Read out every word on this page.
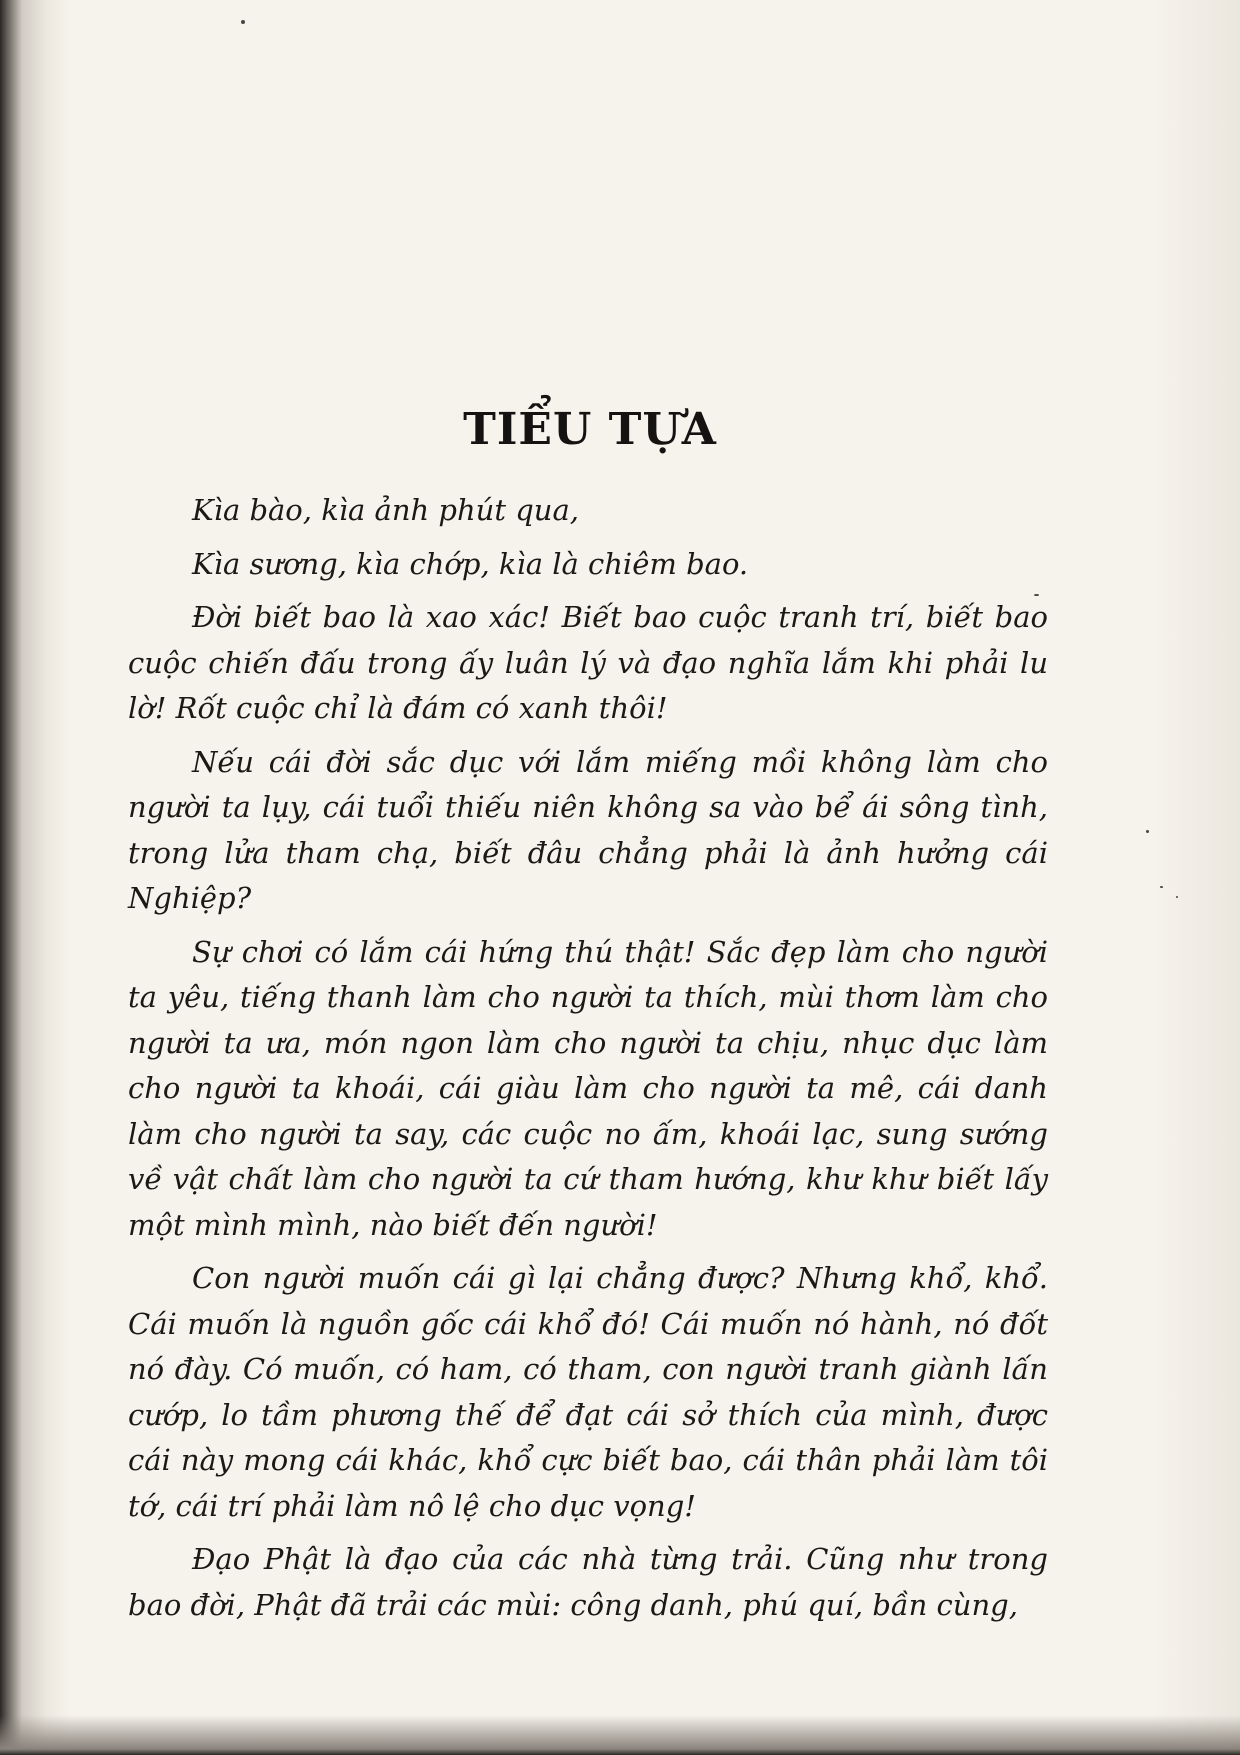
TIỂU TỰA

Kìa bào, kìa ảnh phút qua,

Kìa sương, kìa chớp, kìa là chiêm bao.

Đời biết bao là xao xác! Biết bao cuộc tranh trí, biết bao cuộc chiến đấu trong ấy luân lý và đạo nghĩa lắm khi phải lu lờ! Rốt cuộc chỉ là đám có xanh thôi!

Nếu cái đời sắc dục với lắm miếng mồi không làm cho người ta lụy, cái tuổi thiếu niên không sa vào bể ái sông tình, trong lửa tham chạ, biết đâu chẳng phải là ảnh hưởng cái Nghiệp?

Sự chơi có lắm cái hứng thú thật! Sắc đẹp làm cho người ta yêu, tiếng thanh làm cho người ta thích, mùi thơm làm cho người ta ưa, món ngon làm cho người ta chịu, nhục dục làm cho người ta khoái, cái giàu làm cho người ta mê, cái danh làm cho người ta say, các cuộc no ấm, khoái lạc, sung sướng về vật chất làm cho người ta cứ tham hướng, khư khư biết lấy một mình mình, nào biết đến người!

Con người muốn cái gì lại chẳng được? Nhưng khổ, khổ. Cái muốn là nguồn gốc cái khổ đó! Cái muốn nó hành, nó đốt nó đày. Có muốn, có ham, có tham, con người tranh giành lấn cướp, lo tầm phương thế để đạt cái sở thích của mình, được cái này mong cái khác, khổ cực biết bao, cái thân phải làm tôi tớ, cái trí phải làm nô lệ cho dục vọng!

Đạo Phật là đạo của các nhà từng trải. Cũng như trong bao đời, Phật đã trải các mùi: công danh, phú quí, bần cùng,
